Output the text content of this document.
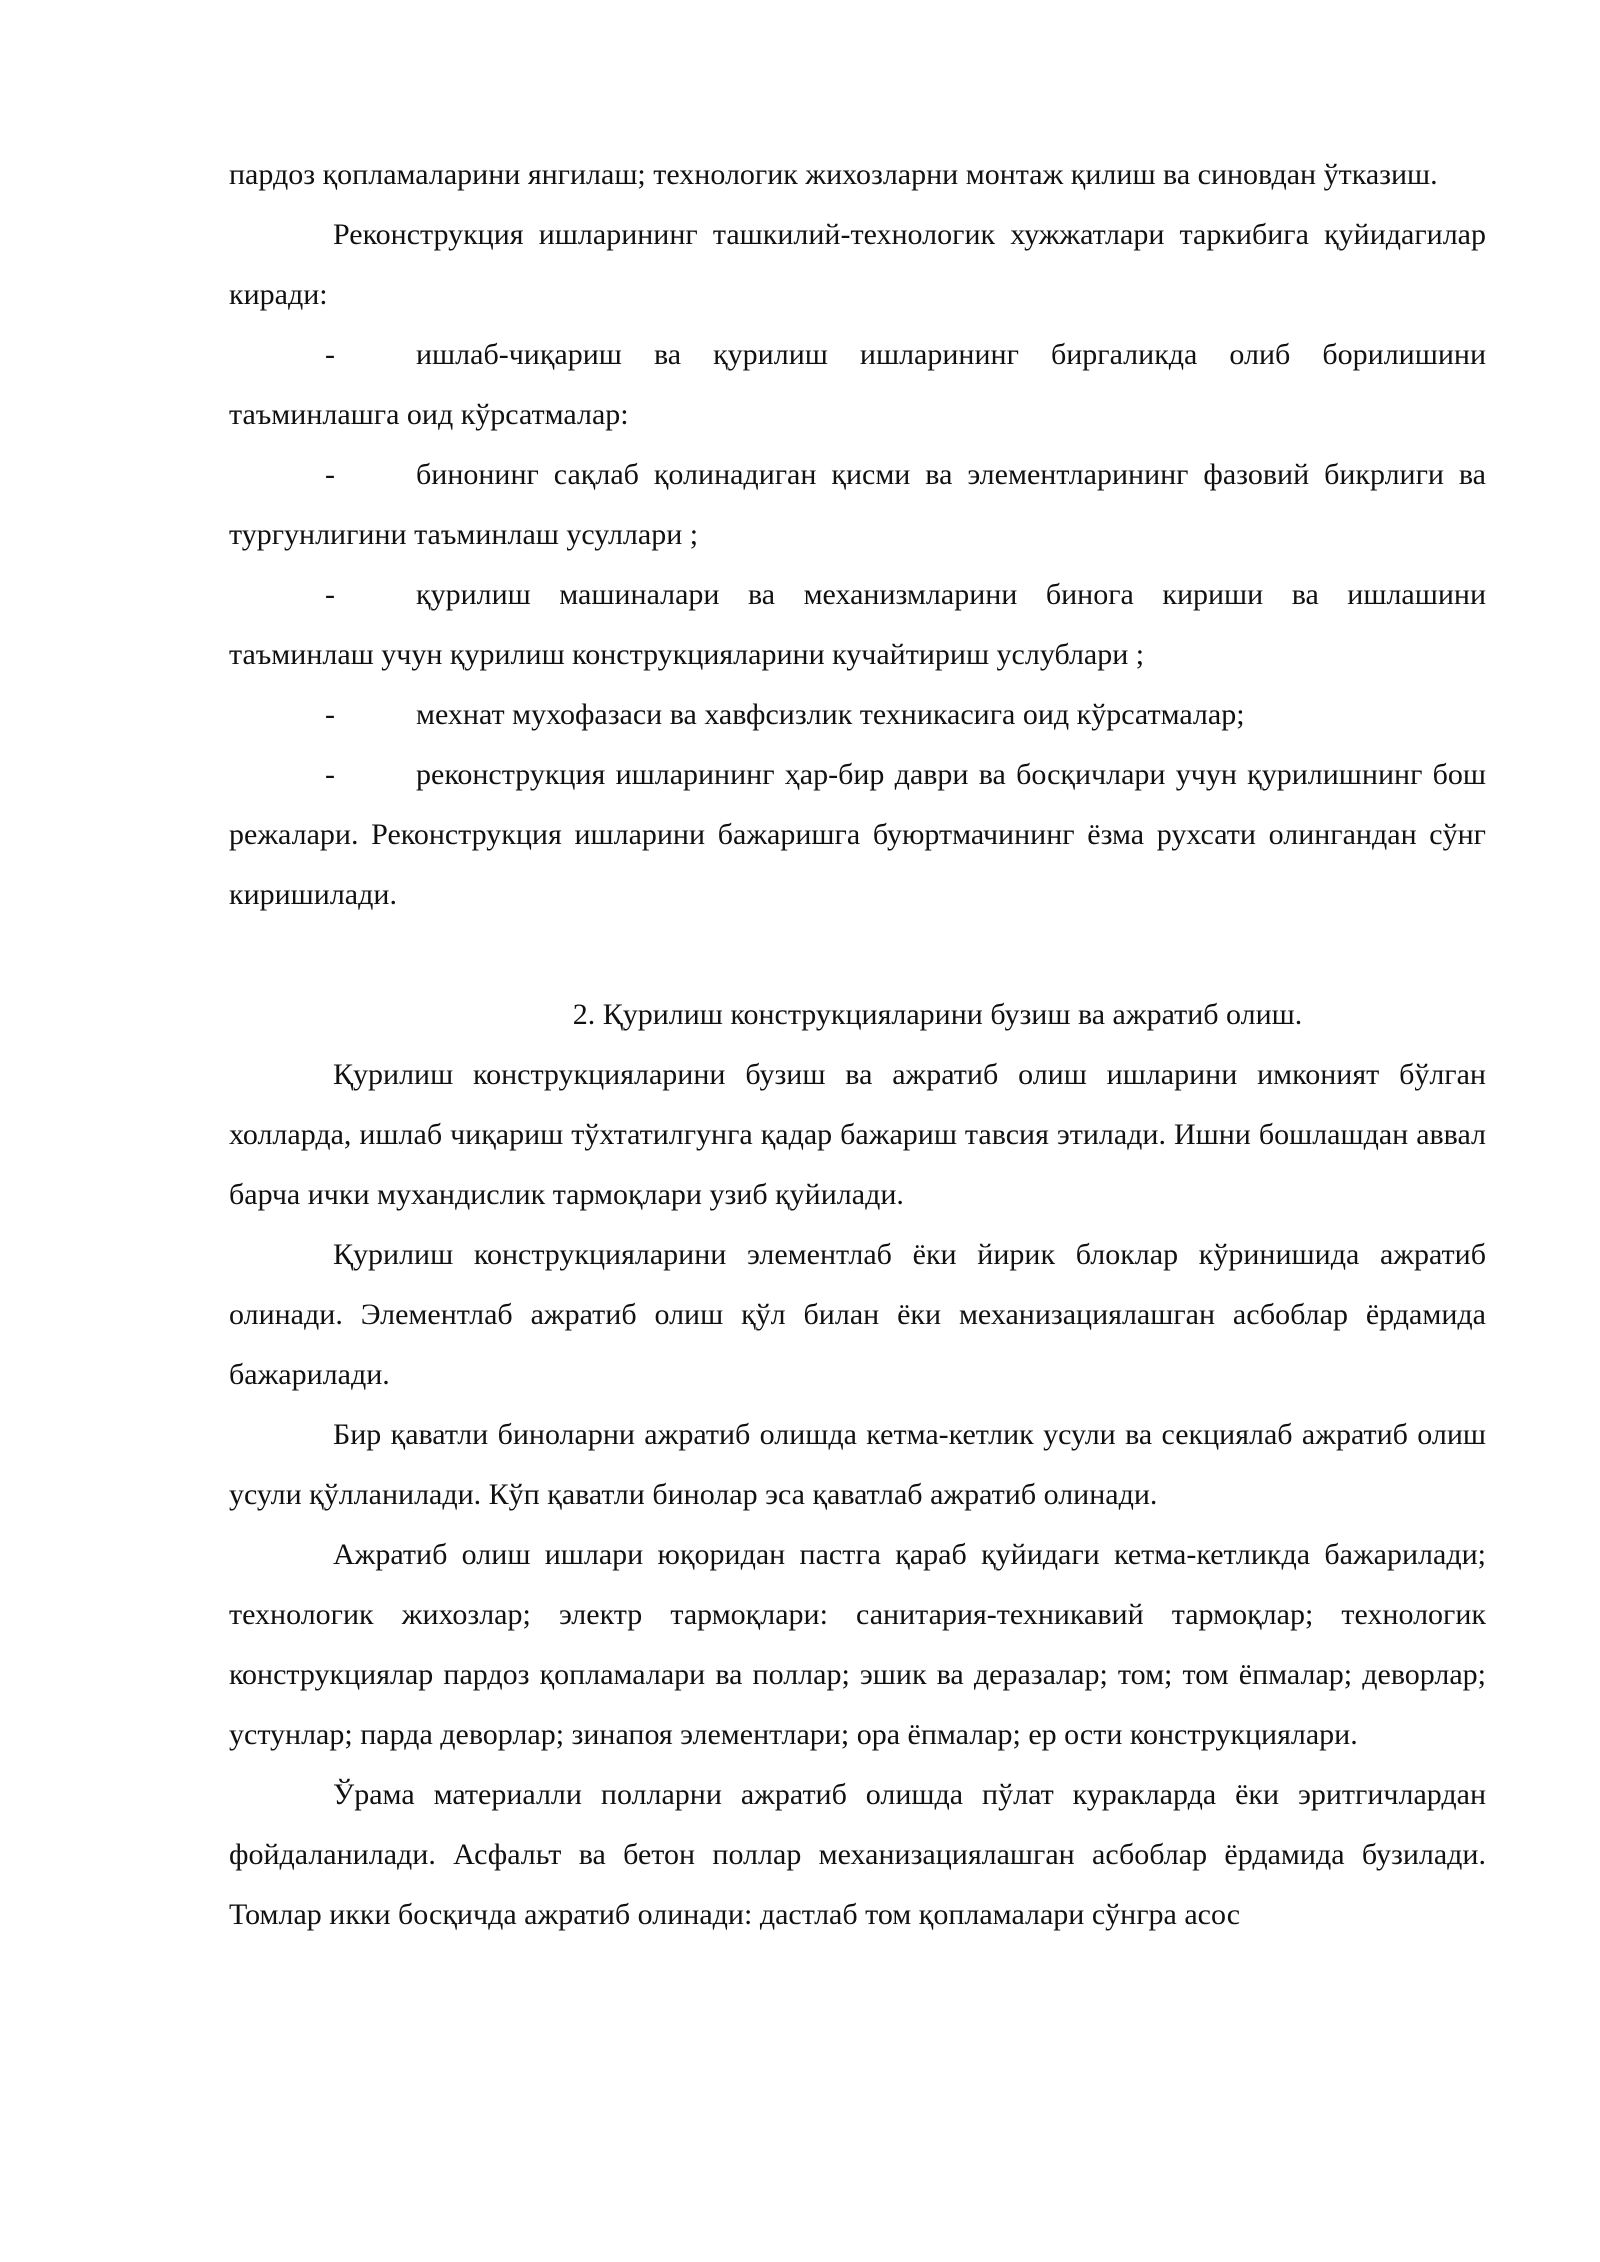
пардоз қопламаларини янгилаш; технологик жихозларни монтаж қилиш ва синовдан ўтказиш.

Реконструкция ишларининг ташкилий-технологик хужжатлари таркибига қуйидагилар киради:

-	ишлаб-чиқариш ва қурилиш ишларининг биргаликда олиб борилишини таъминлашга оид кўрсатмалар:

-	бинонинг сақлаб қолинадиган қисми ва элементларининг фазовий бикрлиги ва тургунлигини таъминлаш усуллари ;

-	қурилиш машиналари ва механизмларини бинога кириши ва ишлашини таъминлаш учун қурилиш конструкцияларини кучайтириш услублари ;

-	мехнат мухофазаси ва хавфсизлик техникасига оид кўрсатмалар;

-	реконструкция ишларининг ҳар-бир даври ва босқичлари учун қурилишнинг бош режалари. Реконструкция ишларини бажаришга буюртмачининг ёзма рухсати олингандан сўнг киришилади.

2. Қурилиш конструкцияларини бузиш ва ажратиб олиш.

Қурилиш конструкцияларини бузиш ва ажратиб олиш ишларини имконият бўлган холларда, ишлаб чиқариш тўхтатилгунга қадар бажариш тавсия этилади. Ишни бошлашдан аввал барча ички мухандислик тармоқлари узиб қуйилади.

Қурилиш конструкцияларини элементлаб ёки йирик блоклар кўринишида ажратиб олинади. Элементлаб ажратиб олиш қўл билан ёки механизациялашган асбоблар ёрдамида бажарилади.

Бир қаватли биноларни ажратиб олишда кетма-кетлик усули ва секциялаб ажратиб олиш усули қўлланилади. Кўп қаватли бинолар эса қаватлаб ажратиб олинади.

Ажратиб олиш ишлари юқоридан пастга қараб қуйидаги кетма-кетликда бажарилади; технологик жихозлар; электр тармоқлари: санитария-техникавий тармоқлар; технологик конструкциялар пардоз қопламалари ва поллар; эшик ва деразалар; том; том ёпмалар; деворлар; устунлар; парда деворлар; зинапоя элементлари; ора ёпмалар; ер ости конструкциялари.

Ўрама материалли полларни ажратиб олишда пўлат куракларда ёки эритгичлардан фойдаланилади. Асфальт ва бетон поллар механизациялашган асбоблар ёрдамида бузилади. Томлар икки босқичда ажратиб олинади: дастлаб том қопламалари сўнгра асос
